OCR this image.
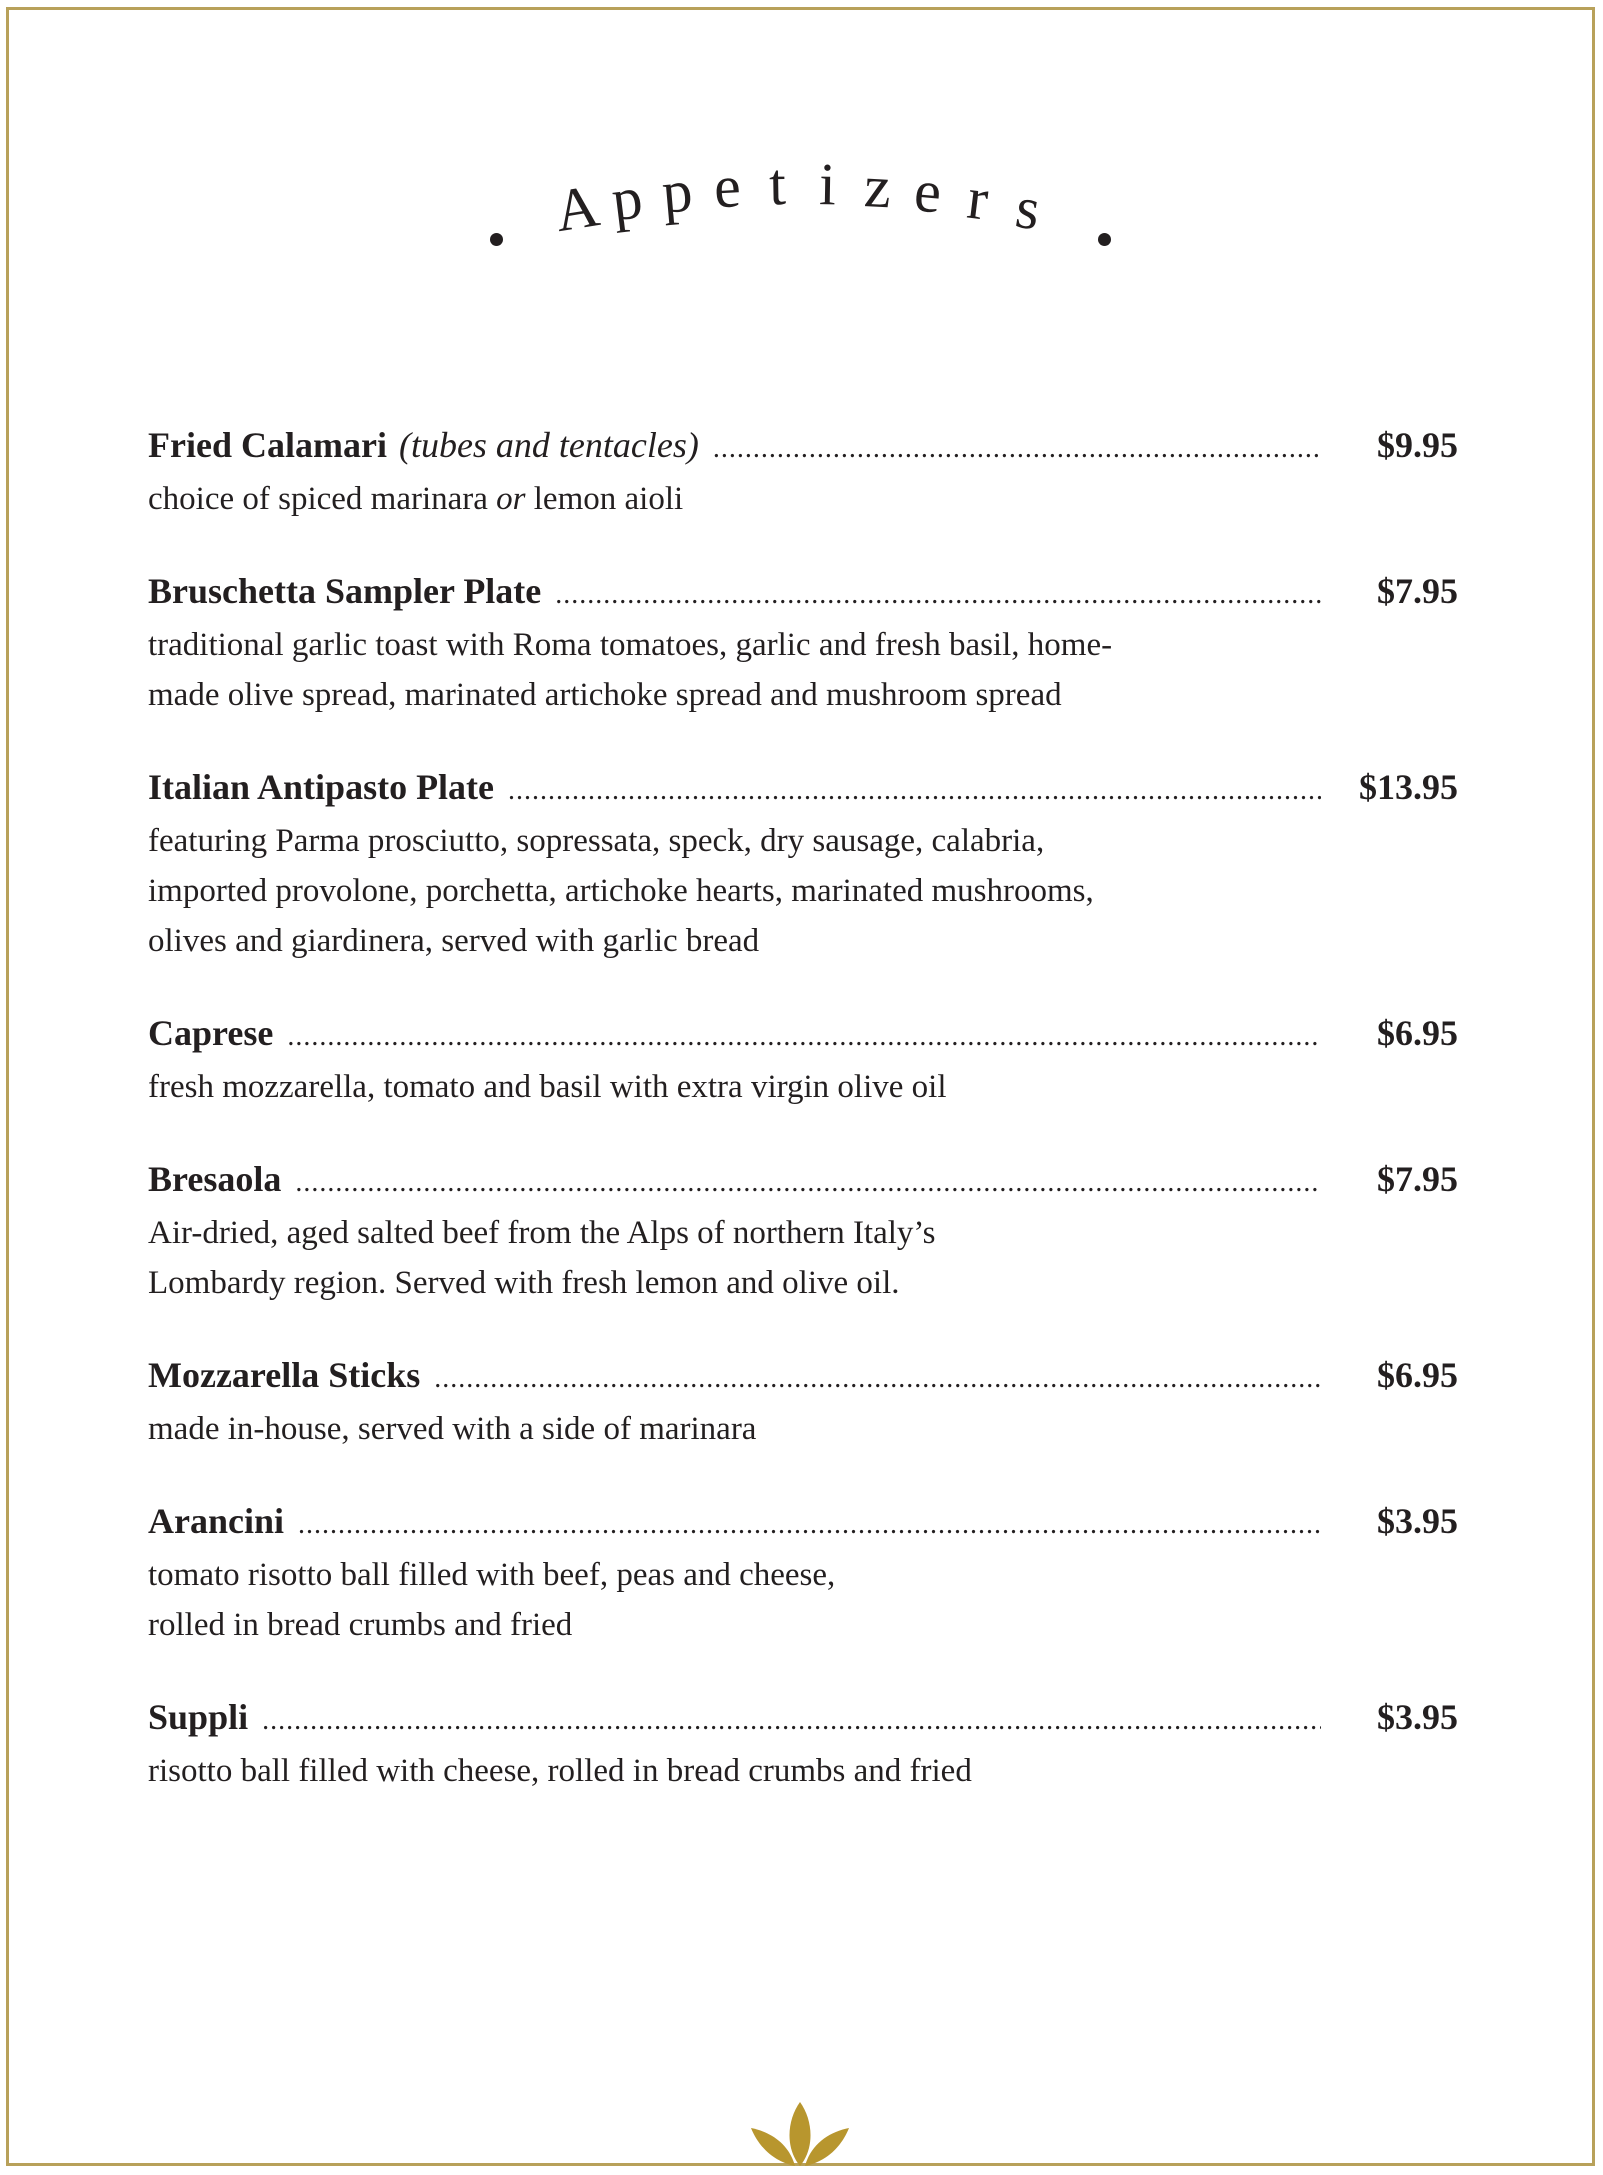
A p p e t i z e r s
Fried Calamari (tubes and tentacles) .....	$9.95

choice of spiced marinara or lemon aioli

Bruschetta Sampler Plate .....	$7.95

traditional garlic toast with Roma tomatoes, garlic and fresh basil, home-

made olive spread, marinated artichoke spread and mushroom spread

Italian Antipasto Plate .....	$13.95

featuring Parma prosciutto, sopressata, speck, dry sausage, calabria,

imported provolone, porchetta, artichoke hearts, marinated mushrooms,

olives and giardinera, served with garlic bread

Caprese .....	$6.95

fresh mozzarella, tomato and basil with extra virgin olive oil

Bresaola .....	$7.95

Air-dried, aged salted beef from the Alps of northern Italy’s

Lombardy region. Served with fresh lemon and olive oil.

Mozzarella Sticks .....	$6.95

made in-house, served with a side of marinara

Arancini .....	$3.95

tomato risotto ball filled with beef, peas and cheese,

rolled in bread crumbs and fried

Suppli .....	$3.95

risotto ball filled with cheese, rolled in bread crumbs and fried
